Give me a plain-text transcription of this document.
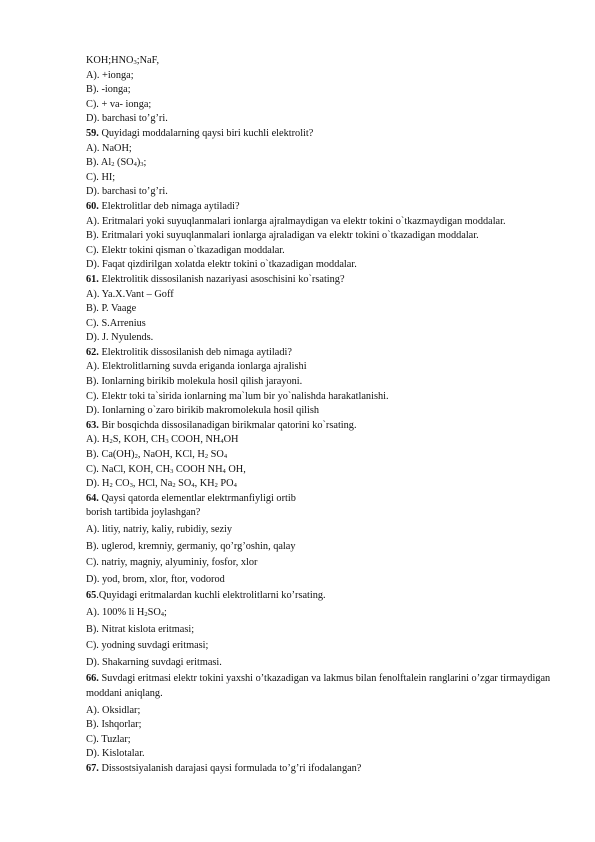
$KOH;HNO_3;NaF$,
A). +ionga;
B). -ionga;
C). + va- ionga;
D). barchasi to’g’ri.
59. Quyidagi moddalarning qaysi biri kuchli elektrolit?
A). NaOH;
B). $Al_2$ $(SO_4)_3$;
C). HI;
D). barchasi to’g’ri.
60. Elektrolitlar deb nimaga aytiladi?
A). Eritmalari yoki suyuqlanmalari ionlarga ajralmaydigan va elektr tokini o`tkazmaydigan moddalar.
B). Eritmalari yoki suyuqlanmalari ionlarga ajraladigan va elektr tokini o`tkazadigan moddalar.
C). Elektr tokini qisman o`tkazadigan moddalar.
D). Faqat qizdirilgan xolatda elektr tokini o`tkazadigan moddalar.
61. Elektrolitik dissosilanish nazariyasi asoschisini ko`rsating?
A). Ya.X.Vant – Goff
B). P. Vaage
C). S.Arrenius
D). J. Nyulends.
62. Elektrolitik dissosilanish deb nimaga aytiladi?
A). Elektrolitlarning suvda eriganda ionlarga ajralishi
B). Ionlarning birikib molekula hosil qilish jarayoni.
C). Elektr toki ta`sirida ionlarning ma`lum bir yo`nalishda harakatlanishi.
D). Ionlarning o`zaro birikib makromolekula hosil qilish
63. Bir bosqichda dissosilanadigan birikmalar qatorini ko`rsating.
A). $H_2S$, KOH, $CH_3$ COOH, $NH_4OH$
B). $Ca(OH)_2$, NaOH, KCl, $H_2$ $SO_4$
C). NaCl, KOH, $CH_3$ COOH $NH_4$ OH,
D). $H_2$ $CO_3$, HCl, $Na_2$ $SO_4$, $KH_2$ $PO_4$
64. Qaysi qatorda elementlar elektrmanfiyligi ortib
borish tartibida joylashgan?
A). litiy, natriy, kaliy, rubidiy, seziy
B). uglerod, kremniy, germaniy, qo’rg’oshin, qalay
C). natriy, magniy, alyuminiy, fosfor, xlor
D). yod, brom, xlor, ftor, vodorod
65.Quyidagi eritmalardan kuchli elektrolitlarni ko’rsating.
A). 100% li $H_2SO_4$;
B). Nitrat kislota eritmasi;
C). yodning suvdagi eritmasi;
D). Shakarning suvdagi eritmasi.
66. Suvdagi eritmasi elektr tokini yaxshi o’tkazadigan va lakmus bilan fenolftalein ranglarini o’zgar tirmaydigan moddani aniqlang.
A). Oksidlar;
B). Ishqorlar;
C). Tuzlar;
D). Kislotalar.
67. Dissostsiyalanish darajasi qaysi formulada to’g’ri ifodalangan?
